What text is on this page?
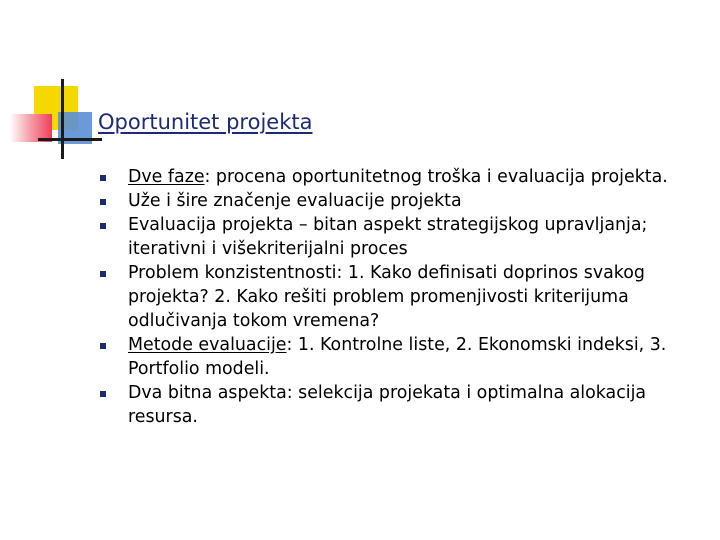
Oportunitet projekta
Dve faze: procena oportunitetnog troška i evaluacija projekta.
Uže i šire značenje evaluacije projekta
Evaluacija projekta – bitan aspekt strategijskog upravljanja; iterativni i višekriterijalni proces
Problem konzistentnosti: 1. Kako definisati doprinos svakog projekta? 2. Kako rešiti problem promenjivosti kriterijuma odlučivanja tokom vremena?
Metode evaluacije: 1. Kontrolne liste, 2. Ekonomski indeksi, 3. Portfolio modeli.
Dva bitna aspekta: selekcija projekata i optimalna alokacija resursa.
